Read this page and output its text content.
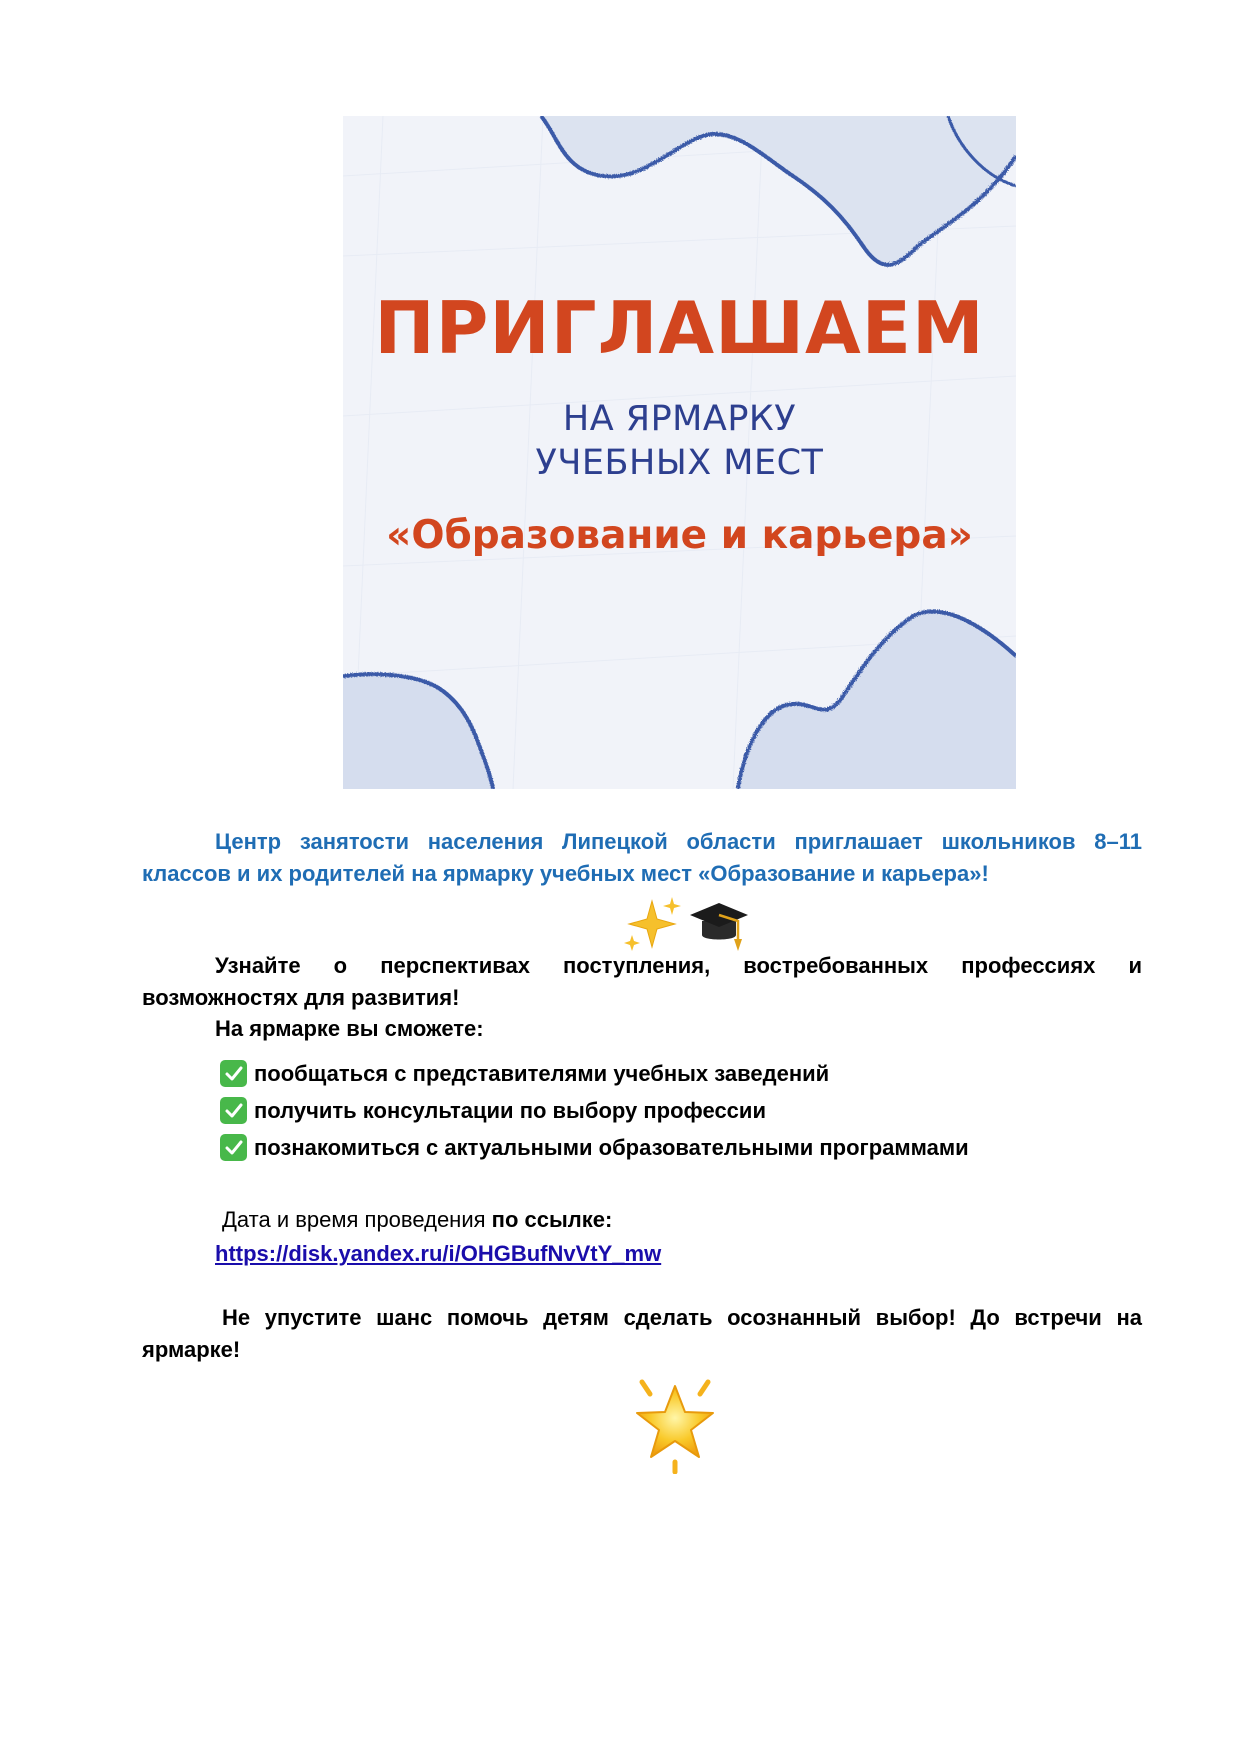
ПРИГЛАШАЕМ
НА ЯРМАРКУ
УЧЕБНЫХ МЕСТ
«Образование и карьера»

Центр занятости населения Липецкой области приглашает школьников 8–11 классов и их родителей на ярмарку учебных мест «Образование и карьера»!

Узнайте о перспективах поступления, востребованных профессиях и возможностях для развития!

На ярмарке вы сможете:

пообщаться с представителями учебных заведений
получить консультации по выбору профессии
познакомиться с актуальными образовательными программами
Дата и время проведения по ссылке:
https://disk.yandex.ru/i/OHGBufNvVtY_mw

Не упустите шанс помочь детям сделать осознанный выбор! До встречи на ярмарке!
